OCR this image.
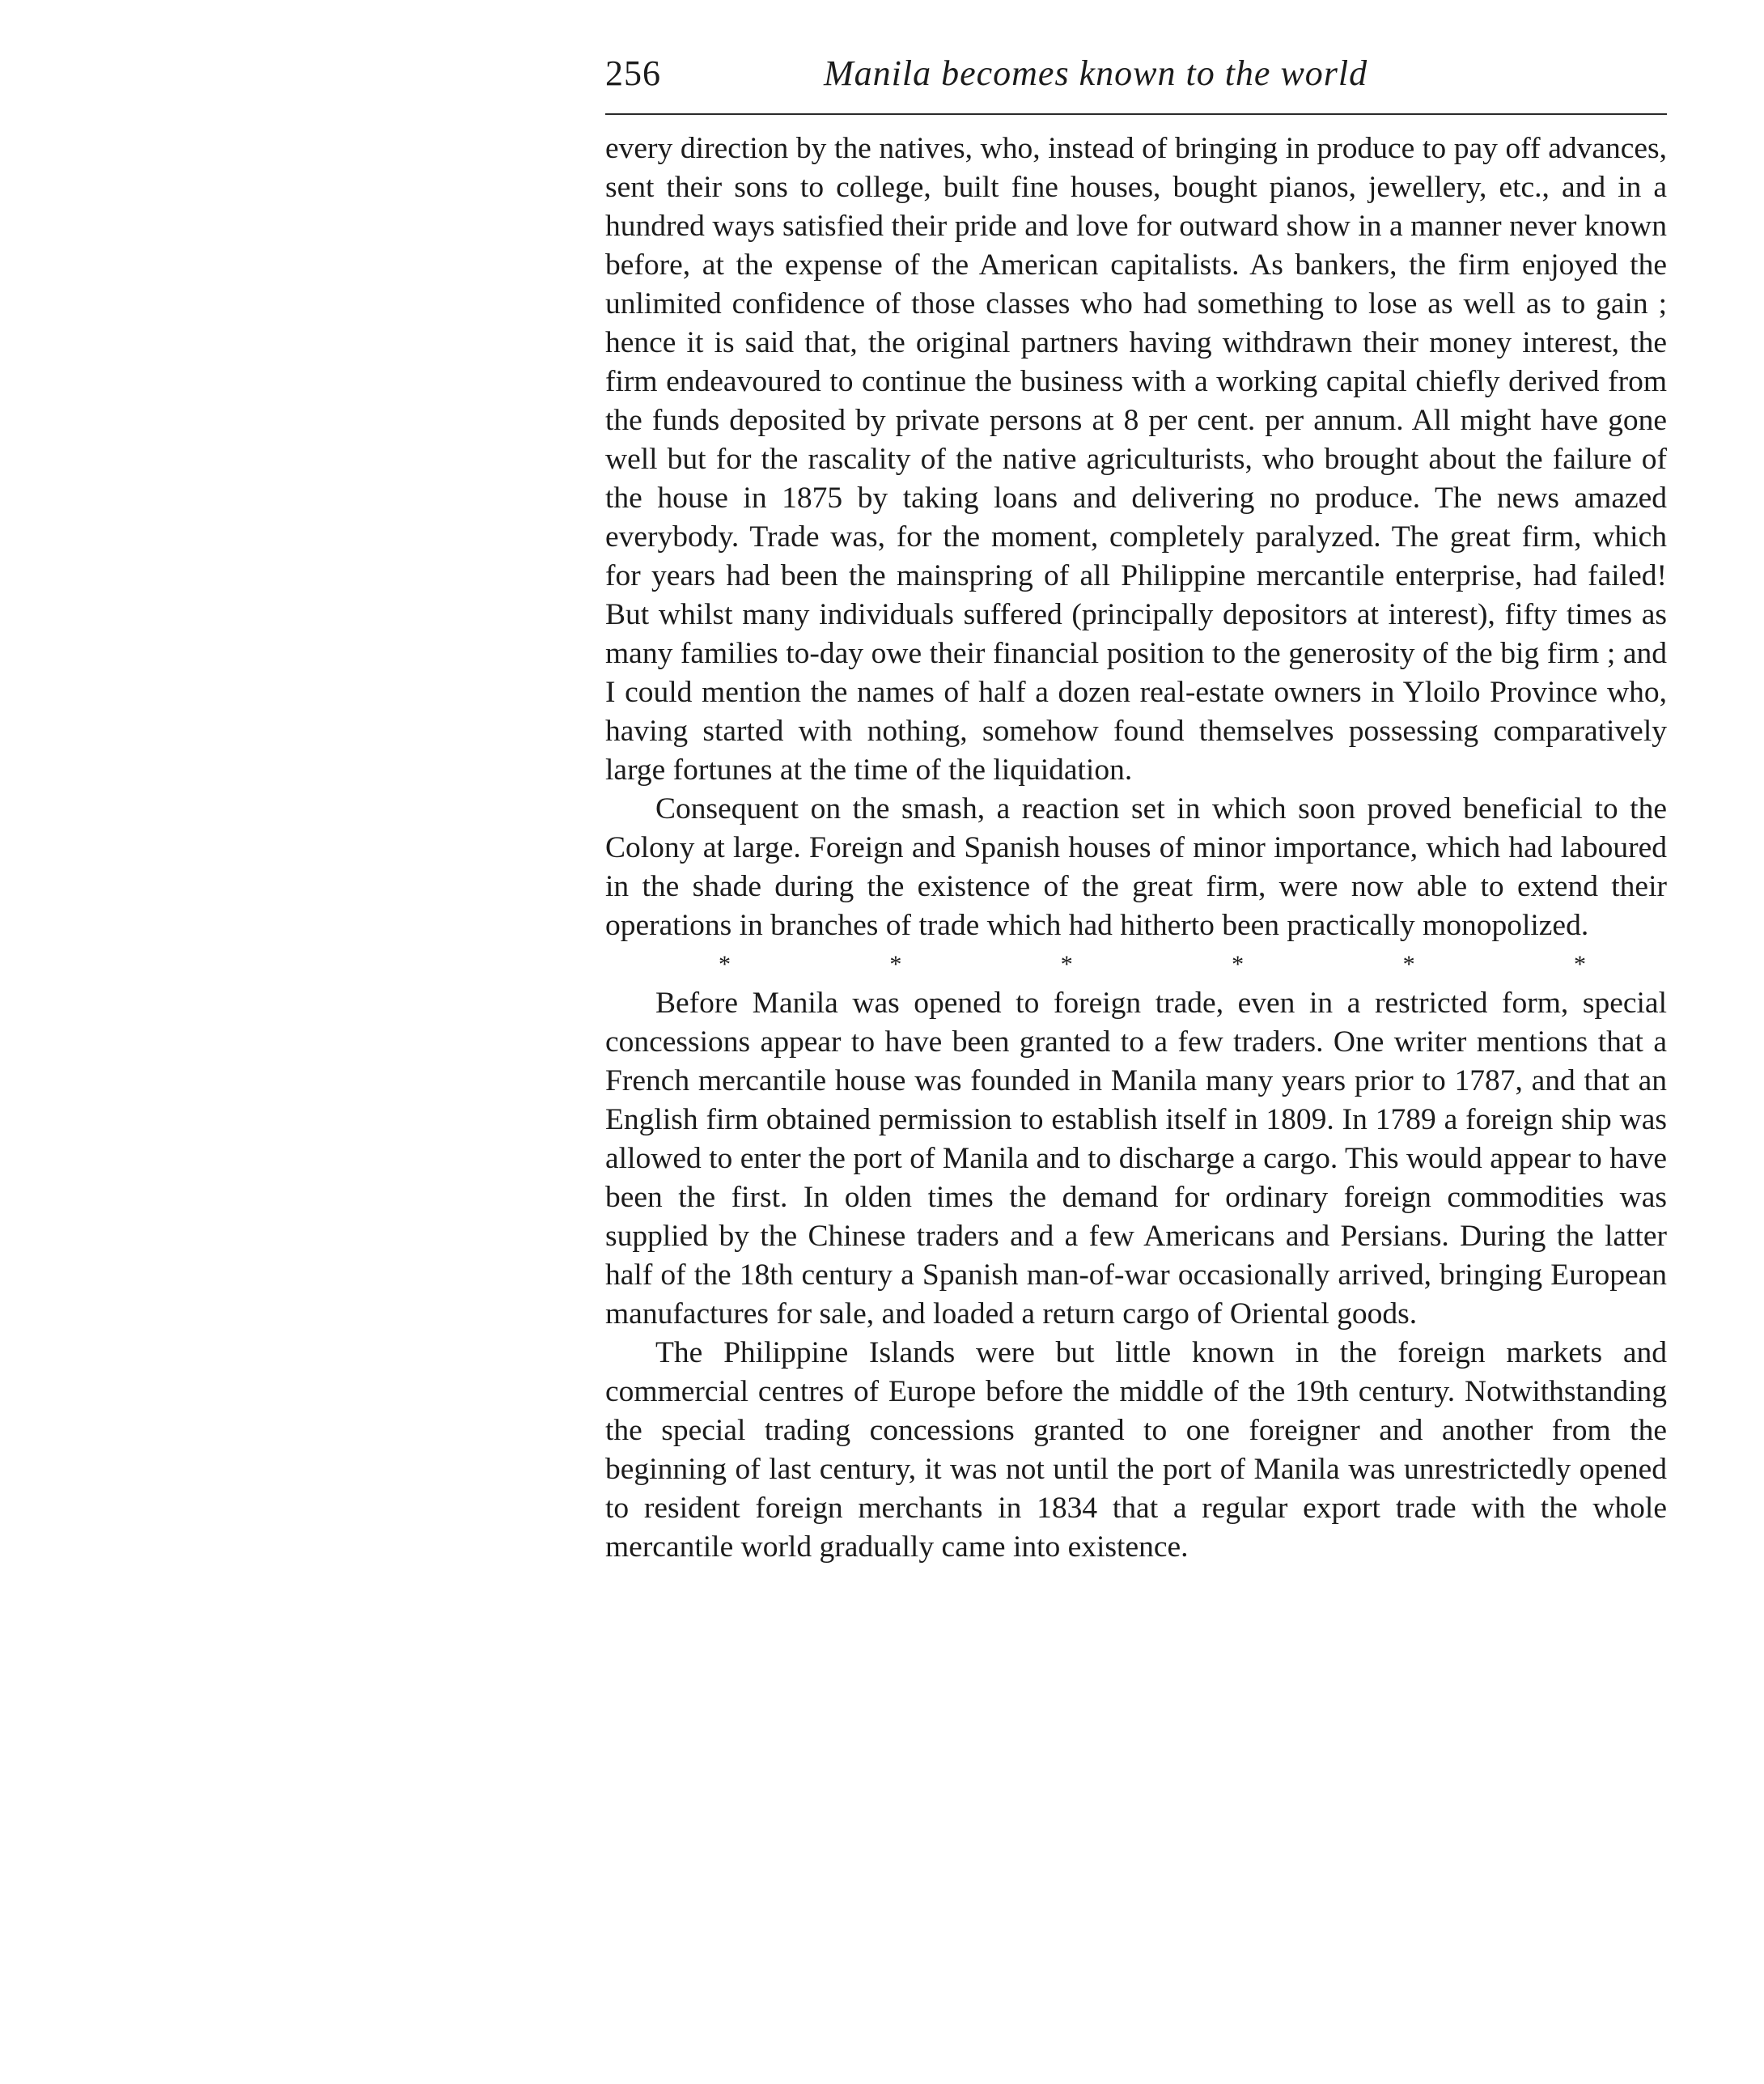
256	Manila becomes known to the world

every direction by the natives, who, instead of bringing in produce to pay off advances, sent their sons to college, built fine houses, bought pianos, jewellery, etc., and in a hundred ways satisfied their pride and love for outward show in a manner never known before, at the expense of the American capitalists. As bankers, the firm enjoyed the unlimited confidence of those classes who had something to lose as well as to gain ; hence it is said that, the original partners having withdrawn their money interest, the firm endeavoured to continue the business with a working capital chiefly derived from the funds deposited by private persons at 8 per cent. per annum. All might have gone well but for the rascality of the native agriculturists, who brought about the failure of the house in 1875 by taking loans and delivering no produce. The news amazed everybody. Trade was, for the moment, completely paralyzed. The great firm, which for years had been the mainspring of all Philippine mercantile enterprise, had failed! But whilst many individuals suffered (principally depositors at interest), fifty times as many families to-day owe their financial position to the generosity of the big firm ; and I could mention the names of half a dozen real-estate owners in Yloilo Province who, having started with nothing, somehow found themselves possessing comparatively large fortunes at the time of the liquidation.

Consequent on the smash, a reaction set in which soon proved beneficial to the Colony at large. Foreign and Spanish houses of minor importance, which had laboured in the shade during the existence of the great firm, were now able to extend their operations in branches of trade which had hitherto been practically monopolized.

*	*	*	*	*	*

Before Manila was opened to foreign trade, even in a restricted form, special concessions appear to have been granted to a few traders. One writer mentions that a French mercantile house was founded in Manila many years prior to 1787, and that an English firm obtained permission to establish itself in 1809. In 1789 a foreign ship was allowed to enter the port of Manila and to discharge a cargo. This would appear to have been the first. In olden times the demand for ordinary foreign commodities was supplied by the Chinese traders and a few Americans and Persians. During the latter half of the 18th century a Spanish man-of-war occasionally arrived, bringing European manufactures for sale, and loaded a return cargo of Oriental goods.

The Philippine Islands were but little known in the foreign markets and commercial centres of Europe before the middle of the 19th century. Notwithstanding the special trading concessions granted to one foreigner and another from the beginning of last century, it was not until the port of Manila was unrestrictedly opened to resident foreign merchants in 1834 that a regular export trade with the whole mercantile world gradually came into existence.
